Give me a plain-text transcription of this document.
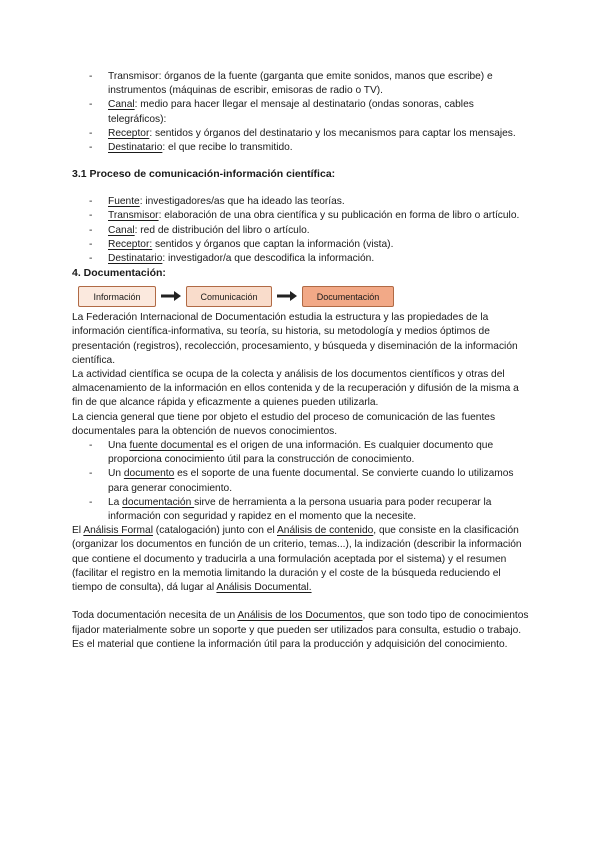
- Transmisor: órganos de la fuente (garganta que emite sonidos, manos que escribe) e instrumentos (máquinas de escribir, emisoras de radio o TV).
- Canal: medio para hacer llegar el mensaje al destinatario (ondas sonoras, cables telegráficos):
- Receptor: sentidos y órganos del destinatario y los mecanismos para captar los mensajes.
- Destinatario: el que recibe lo transmitido.
3.1 Proceso de comunicación-información científica:
- Fuente: investigadores/as que ha ideado las teorías.
- Transmisor: elaboración de una obra científica y su publicación en forma de libro o artículo.
- Canal: red de distribución del libro o artículo.
- Receptor: sentidos y órganos que captan la información (vista).
- Destinatario: investigador/a que descodifica la información.
4. Documentación:
Información	Comunicación	Documentación

La Federación Internacional de Documentación estudia la estructura y las propiedades de la información científica-informativa, su teoría, su historia, su metodología y medios óptimos de presentación (registros), recolección, procesamiento, y búsqueda y diseminación de la información científica.

La actividad científica se ocupa de la colecta y análisis de los documentos científicos y otras del almacenamiento de la información en ellos contenida y de la recuperación y difusión de la misma a fin de que alcance rápida y eficazmente a quienes pueden utilizarla.

La ciencia general que tiene por objeto el estudio del proceso de comunicación de las fuentes documentales para la obtención de nuevos conocimientos.

- Una fuente documental es el origen de una información. Es cualquier documento que proporciona conocimiento útil para la construcción de conocimiento.
- Un documento es el soporte de una fuente documental. Se convierte cuando lo utilizamos para generar conocimiento.
- La documentación sirve de herramienta a la persona usuaria para poder recuperar la información con seguridad y rapidez en el momento que la necesite.

El Análisis Formal (catalogación) junto con el Análisis de contenido, que consiste en la clasificación (organizar los documentos en función de un criterio, temas...), la indización (describir la información que contiene el documento y traducirla a una formulación aceptada por el sistema) y el resumen (facilitar el registro en la memotia limitando la duración y el coste de la búsqueda reduciendo el tiempo de consulta), dá lugar al Análisis Documental.

Toda documentación necesita de un Análisis de los Documentos, que son todo tipo de conocimientos fijador materialmente sobre un soporte y que pueden ser utilizados para consulta, estudio o trabajo. Es el material que contiene la información útil para la producción y adquisición del conocimiento.
